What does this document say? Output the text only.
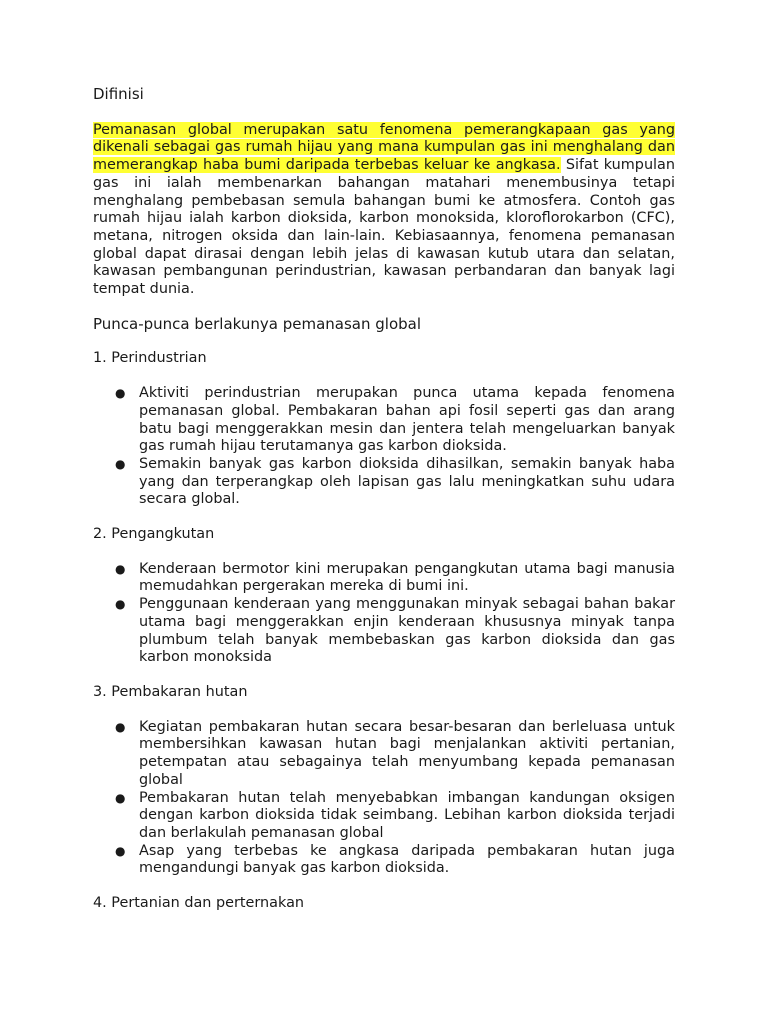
Difinisi

Pemanasan global merupakan satu fenomena pemerangkapaan gas yang dikenali sebagai gas rumah hijau yang mana kumpulan gas ini menghalang dan memerangkap haba bumi daripada terbebas keluar ke angkasa. Sifat kumpulan gas ini ialah membenarkan bahangan matahari menembusinya tetapi menghalang pembebasan semula bahangan bumi ke atmosfera. Contoh gas rumah hijau ialah karbon dioksida, karbon monoksida, kloroflorokarbon (CFC), metana, nitrogen oksida dan lain-lain. Kebiasaannya, fenomena pemanasan global dapat dirasai dengan lebih jelas di kawasan kutub utara dan selatan, kawasan pembangunan perindustrian, kawasan perbandaran dan banyak lagi tempat dunia.

Punca-punca berlakunya pemanasan global

1. Perindustrian

● Aktiviti perindustrian merupakan punca utama kepada fenomena pemanasan global. Pembakaran bahan api fosil seperti gas dan arang batu bagi menggerakkan mesin dan jentera telah mengeluarkan banyak gas rumah hijau terutamanya gas karbon dioksida.
● Semakin banyak gas karbon dioksida dihasilkan, semakin banyak haba yang dan terperangkap oleh lapisan gas lalu meningkatkan suhu udara secara global.

2. Pengangkutan

● Kenderaan bermotor kini merupakan pengangkutan utama bagi manusia memudahkan pergerakan mereka di bumi ini.
● Penggunaan kenderaan yang menggunakan minyak sebagai bahan bakar utama bagi menggerakkan enjin kenderaan khususnya minyak tanpa plumbum telah banyak membebaskan gas karbon dioksida dan gas karbon monoksida

3. Pembakaran hutan

● Kegiatan pembakaran hutan secara besar-besaran dan berleluasa untuk membersihkan kawasan hutan bagi menjalankan aktiviti pertanian, petempatan atau sebagainya telah menyumbang kepada pemanasan global
● Pembakaran hutan telah menyebabkan imbangan kandungan oksigen dengan karbon dioksida tidak seimbang. Lebihan karbon dioksida terjadi dan berlakulah pemanasan global
● Asap yang terbebas ke angkasa daripada pembakaran hutan juga mengandungi banyak gas karbon dioksida.

4. Pertanian dan perternakan
